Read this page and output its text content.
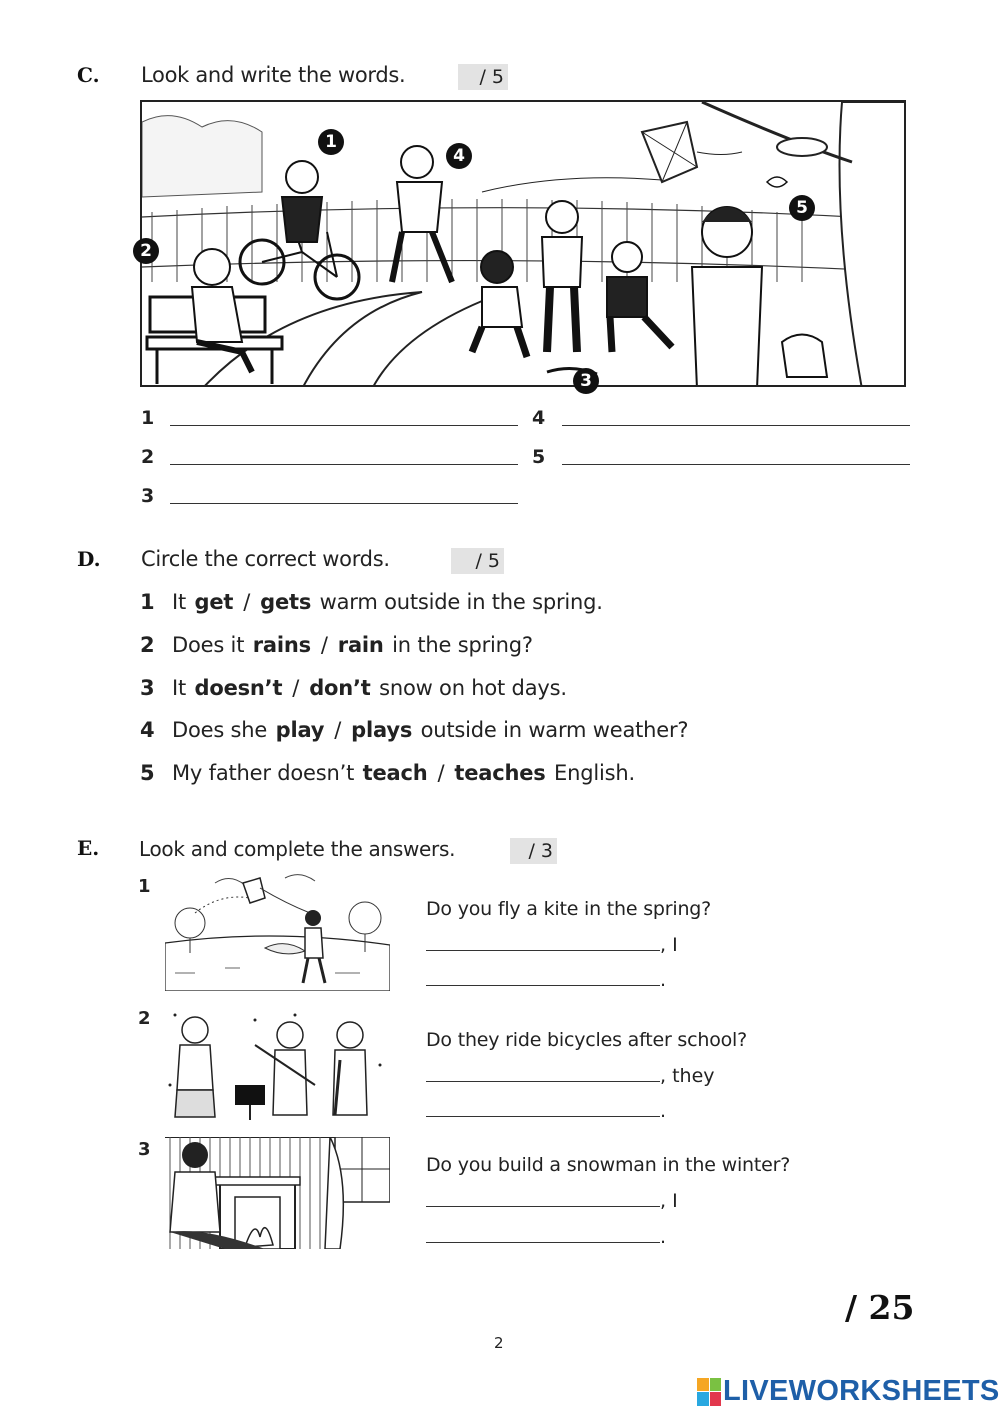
C. Look and write the words.	/ 5
1
2
3
4
5
1
2
3
4
5
D. Circle the correct words.	/ 5
1 It get / gets warm outside in the spring.
2 Does it rains / rain in the spring?
3 It doesn’t / don’t snow on hot days.
4 Does she play / plays outside in warm weather?
5 My father doesn’t teach / teaches English.
E. Look and complete the answers.	/ 3
1
Do you fly a kite in the spring?
, I
.
2
Do they ride bicycles after school?
, they
.
3
Do you build a snowman in the winter?
, I
.
/ 25
2
LIVEWORKSHEETS
